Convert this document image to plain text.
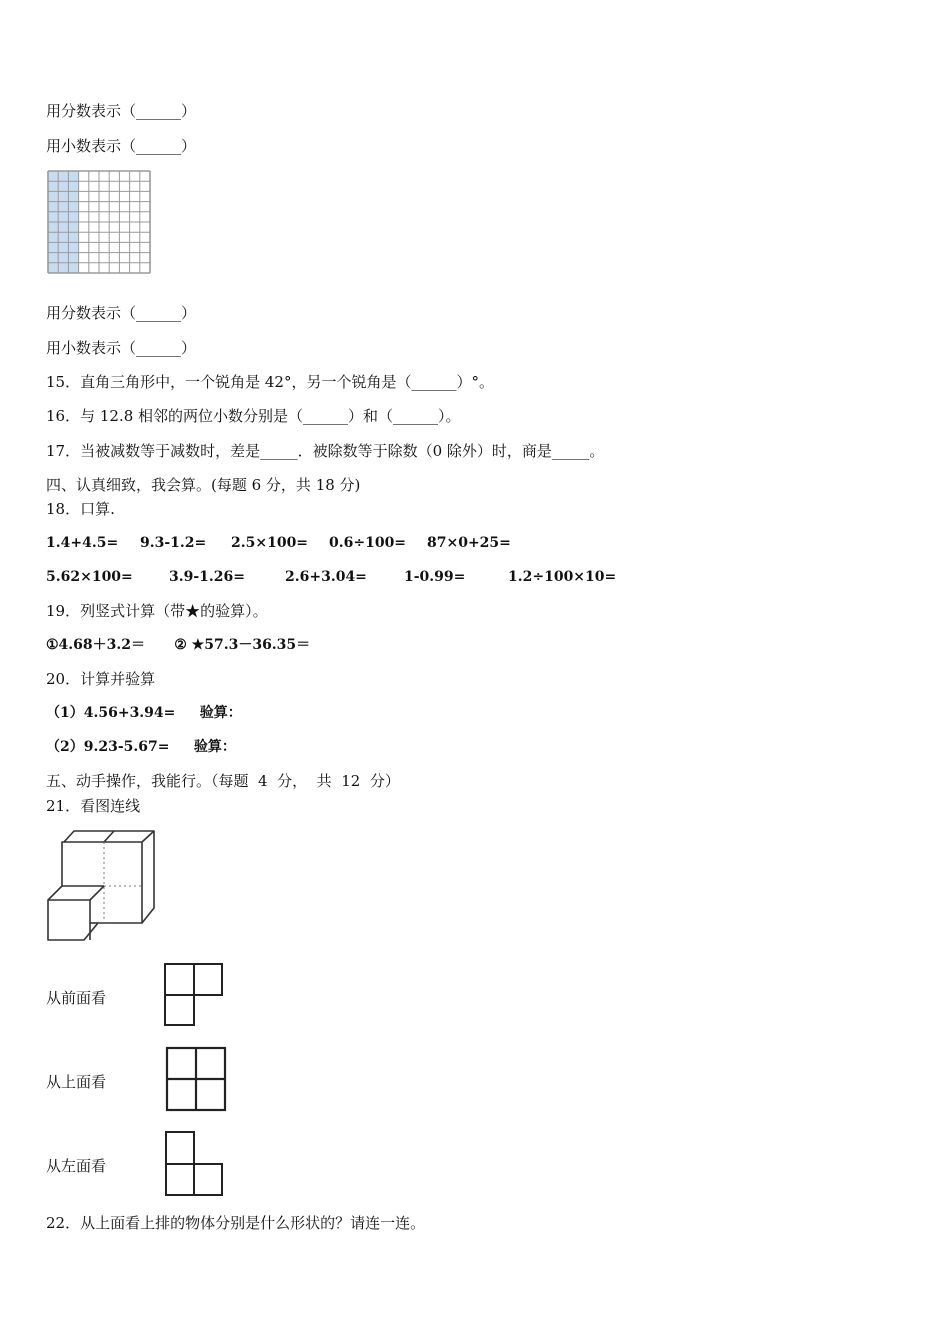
用分数表示（______）
用小数表示（______）
用分数表示（______）
用小数表示（______）
15．直角三角形中，一个锐角是 42°，另一个锐角是（______）°。
16．与 12.8 相邻的两位小数分别是（______）和（______）。
17．当被减数等于减数时，差是_____．被除数等于除数（0 除外）时，商是_____。
四、认真细致，我会算。(每题 6 分，共 18 分)
18．口算.
1.4+4.5= 9.3-1.2= 2.5×100= 0.6÷100= 87×0+25=
5.62×100=	3.9-1.26=	2.6+3.04=	1-0.99=	1.2÷100×10=
19．列竖式计算（带★的验算）。
①4.68＋3.2＝      ② ★57.3－36.35＝
20．计算并验算
（1）4.56+3.94=     验算：
（2）9.23-5.67=     验算：
五、动手操作，我能行。（每题  4  分，  共  12  分）
21．看图连线
从前面看
从上面看
从左面看
22．从上面看上排的物体分别是什么形状的？请连一连。
